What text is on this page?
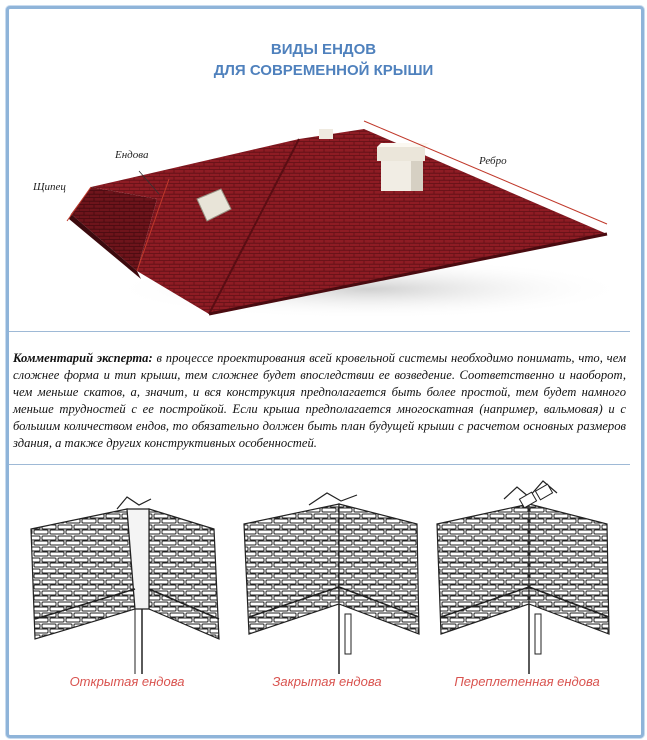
ВИДЫ ЕНДОВ
ДЛЯ СОВРЕМЕННОЙ КРЫШИ
Щипец
Ендова	Ребро

Комментарий эксперта: в процессе проектирования всей кровельной системы необходимо понимать, что, чем сложнее форма и тип крыши, тем сложнее будет впоследствии ее возведение. Соответственно и наоборот, чем меньше скатов, а, значит, и вся конструкция предполагается быть более простой, тем будет намного меньше трудностей с ее постройкой. Если крыша предполагается многоскатная (например, вальмовая) и с большим количеством ендов, то обязательно должен быть план будущей крыши с расчетом основных размеров здания, а также других конструктивных особенностей.

Открытая ендова	Закрытая ендова	Переплетенная ендова
